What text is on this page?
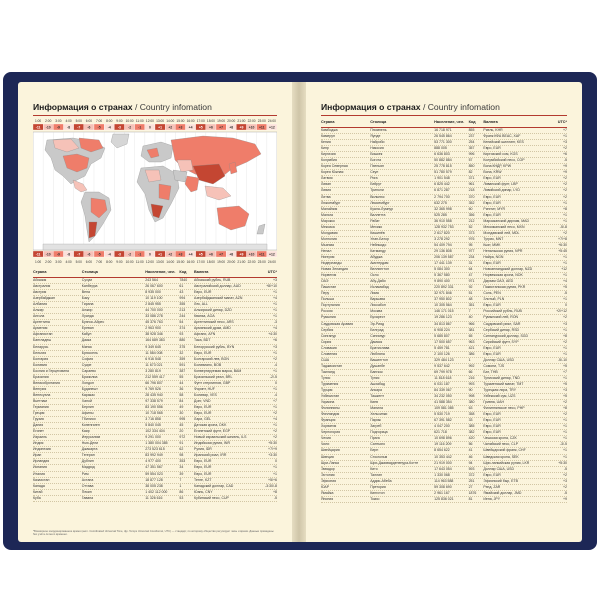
Информация о странах / Country infomation
1:00 2:00 3:00 4:00 5:00 6:00 7:00 8:00 9:00 10:00 11:00 12:00 13:00 14:00 15:00 16:00 17:00 18:00 19:00 20:00 21:00 22:00 23:00 24:00
-11 -10 -9 -8 -7 -6 -5 -4 -3 -2 -1 0 +1 +2 +3 +4 +5 +6 +7 +8 +9 +10 +11 +12
-11 -10 -9 -8 -7 -6 -5 -4 -3 -2 -1 0 +1 +2 +3 +4 +5 +6 +7 +8 +9 +10 +11 +12
1:00 2:00 3:00 4:00 5:00 6:00 7:00 8:00 9:00 10:00 11:00 12:00 13:00 14:00 15:00 16:00 17:00 18:00 19:00 20:00 21:00 22:00 23:00 24:00
Страна	Столица	Население, чел. Код Валюта	UTC*
Абхазия	Сухум	243 564	7840 Абхазский рубль, RUB	+3
Австралия	Канберра	26 067 600	61	Австралийский доллар, AUD	+8/+10
Австрия	Вена	8 935 000	43	Евро, EUR	+1
Азербайджан	Баку	10 119 100	994	Азербайджанский манат, AZN	+4
Албания	Тирана	2 845 955	355	Лек, ALL	+1
Алжир	Алжир	44 700 000	213	Алжирский динар, DZD	+1
Ангола	Луанда	33 086 278	244	Кванза, AOA	+1
Аргентина	Буэнос-Айрес	45 376 763	54	Аргентинский песо, ARS	-3
Армения	Ереван	2 963 900	374	Армянский драм, AMD	+4
Афганистан	Кабул	38 928 346	93	Афгани, AFN	+4:30
Бангладеш	Дакка	164 689 383	880	Така, BDT	+6
Беларусь	Минск	9 349 645	375	Белорусский рубль, BYN	+3
Бельгия	Брюссель	11 584 008	32	Евро, EUR	+1
Болгария	София	6 916 548	359	Болгарский лев, BGN	+2
Боливия	Сукре	11 673 021	591	Боливиано, BOB	-4
Босния и Герцеговина	Сараево	3 280 819	387	Конвертируемая марка, BAM	+1
Бразилия	Бразилиа	212 559 417	55	Бразильский реал, BRL	-2/-5
Великобритания	Лондон	66 796 807	44	Фунт стерлингов, GBP	0
Венгрия	Будапешт	9 769 526	36	Форинт, HUF	+1
Венесуэла	Каракас	28 435 940	58	Боливар, VES	-4
Вьетнам	Ханой	97 338 579	84	Донг, VND	+7
Германия	Берлин	83 190 556	49	Евро, EUR	+1
Греция	Афины	10 718 565	30	Евро, EUR	+2
Грузия	Тбилиси	3 716 858	995	Лари, GEL	+4
Дания	Копенгаген	5 840 045	45	Датская крона, DKK	+1
Египет	Каир	102 334 404	20	Египетский фунт, EGP	+2
Израиль	Иерусалим	9 291 000	972	Новый израильский шекель, ILS	+2
Индия	Нью-Дели	1 380 004 385	91	Индийская рупия, INR	+5:30
Индонезия	Джакарта	273 523 615	62	Рупия, IDR	+7/+9
Иран	Тегеран	83 992 949	98	Иранский риал, IRR	+3:30
Ирландия	Дублин	4 977 400	353	Евро, EUR	0
Испания	Мадрид	47 351 567	34	Евро, EUR	+1
Италия	Рим	59 554 023	39	Евро, EUR	+1
Казахстан	Астана	18 877 128	7	Тенге, KZT	+5/+6
Канада	Оттава	38 005 238	1	Канадский доллар, CAD	-3:30/-8
Китай	Пекин	1 402 112 000	86	Юань, CNY	+8
Куба	Гавана	11 326 616	53	Кубинский песо, CUP	-5
*Всемирное координированное время (англ. Coordinated Universal Time, фр. Temps Universel Coordonné, UTC) — стандарт, по которому общество регулирует часы и время. Данные приведены без учёта летнего времени.
Информация о странах / Country infomation
Страна	Столица	Население, чел. Код Валюта	UTC*
Камбоджа	Пномпень	16 718 971	855	Риель, KHR	+7
Камерун	Яунде	26 545 864	237	Франк КФА ВЕАС, XAF	+1
Кения	Найроби	53 771 300	254	Кенийский шиллинг, KES	+3
Кипр	Никосия	888 005	357	Евро, EUR	+2
Киргизия	Бишкек	6 636 803	996	Киргизский сом, KGS	+6
Колумбия	Богота	50 882 884	57	Колумбийский песо, COP	-5
Корея Северная	Пхеньян	25 778 815	850	Вона КНДР, KPW	+9
Корея Южная	Сеул	51 780 579	82	Вона, KRW	+9
Латвия	Рига	1 901 548	371	Евро, EUR	+2
Ливан	Бейрут	6 825 442	961	Ливанский фунт, LBP	+2
Ливия	Триполи	6 871 287	218	Ливийский динар, LYD	+2
Литва	Вильнюс	2 794 700	370	Евро, EUR	+2
Люксембург	Люксембург	632 275	352	Евро, EUR	+1
Малайзия	Куала-Лумпур	32 365 998	60	Ринггит, MYR	+8
Мальта	Валлетта	525 285	356	Евро, EUR	+1
Марокко	Рабат	36 910 558	212	Марокканский дирхам, MAD	+1
Мексика	Мехико	128 932 753	52	Мексиканский песо, MXN	-5/-8
Молдавия	Кишинёв	2 617 820	373	Молдавский лей, MDL	+2
Монголия	Улан-Батор	3 278 292	976	Тугрик, MNT	+7/+8
Мьянма	Нейпьидо	54 409 794	95	Кьят, MMK	+6:30
Непал	Катманду	29 136 808	977	Непальская рупия, NPR	+5:45
Нигерия	Абуджа	206 139 587	234	Найра, NGN	+1
Нидерланды	Амстердам	17 441 139	31	Евро, EUR	+1
Новая Зеландия	Веллингтон	5 084 300	64	Новозеландский доллар, NZD	+12
Норвегия	Осло	5 367 580	47	Норвежская крона, NOK	+1
ОАЭ	Абу-Даби	9 890 400	971	Дирхам ОАЭ, AED	+4
Пакистан	Исламабад	220 892 331	92	Пакистанская рупия, PKR	+5
Перу	Лима	32 971 846	51	Соль, PEN	-5
Польша	Варшава	37 950 802	48	Злотый, PLN	+1
Португалия	Лиссабон	10 305 564	351	Евро, EUR	0
Россия	Москва	146 171 015	7	Российский рубль, RUB	+2/+12
Румыния	Бухарест	19 286 123	40	Румынский лей, RON	+2
Саудовская Аравия	Эр-Рияд	34 813 867	966	Саудовский риял, SAR	+3
Сербия	Белград	6 908 224	381	Сербский динар, RSD	+1
Сингапур	Сингапур	5 685 807	65	Сингапурский доллар, SGD	+8
Сирия	Дамаск	17 500 657	963	Сирийский фунт, SYP	+2
Словакия	Братислава	5 459 781	421	Евро, EUR	+1
Словения	Любляна	2 100 126	386	Евро, EUR	+1
США	Вашингтон	329 484 123	1	Доллар США, USD	-5/-10
Таджикистан	Душанбе	9 537 642	992	Сомони, TJS	+5
Таиланд	Бангкок	69 799 978	66	Бат, THB	+7
Тунис	Тунис	11 818 618	216	Тунисский динар, TND	+1
Туркмения	Ашхабад	6 031 187	993	Туркменский манат, TMT	+5
Турция	Анкара	84 339 067	90	Турецкая лира, TRY	+3
Узбекистан	Ташкент	34 232 050	998	Узбекский сум, UZS	+5
Украина	Киев	41 588 354	380	Гривна, UAH	+2
Филиппины	Манила	109 581 085	63	Филиппинское песо, PHP	+8
Финляндия	Хельсинки	5 530 719	358	Евро, EUR	+2
Франция	Париж	67 391 582	33	Евро, EUR	+1
Хорватия	Загреб	4 047 200	385	Евро, EUR	+1
Черногория	Подгорица	621 718	382	Евро, EUR	+1
Чехия	Прага	10 698 896	420	Чешская крона, CZK	+1
Чили	Сантьяго	19 116 209	56	Чилийский песо, CLP	-3/-5
Швейцария	Берн	8 654 622	41	Швейцарский франк, CHF	+1
Швеция	Стокгольм	10 353 442	46	Шведская крона, SEK	+1
Шри-Ланка	Шри-Джаяварденепура-Котте	21 919 000	94	Шри-ланкийская рупия, LKR	+5:30
Эквадор	Кито	17 643 054	593	Доллар США, USD	-5
Эстония	Таллин	1 330 068	372	Евро, EUR	+2
Эфиопия	Аддис-Абеба	114 963 588	251	Эфиопский быр, ETB	+3
ЮАР	Претория	59 308 690	27	Рэнд, ZAR	+2
Ямайка	Кингстон	2 961 167	1876 Ямайский доллар, JMD	-5
Япония	Токио	125 836 021	81	Иена, JPY	+9
